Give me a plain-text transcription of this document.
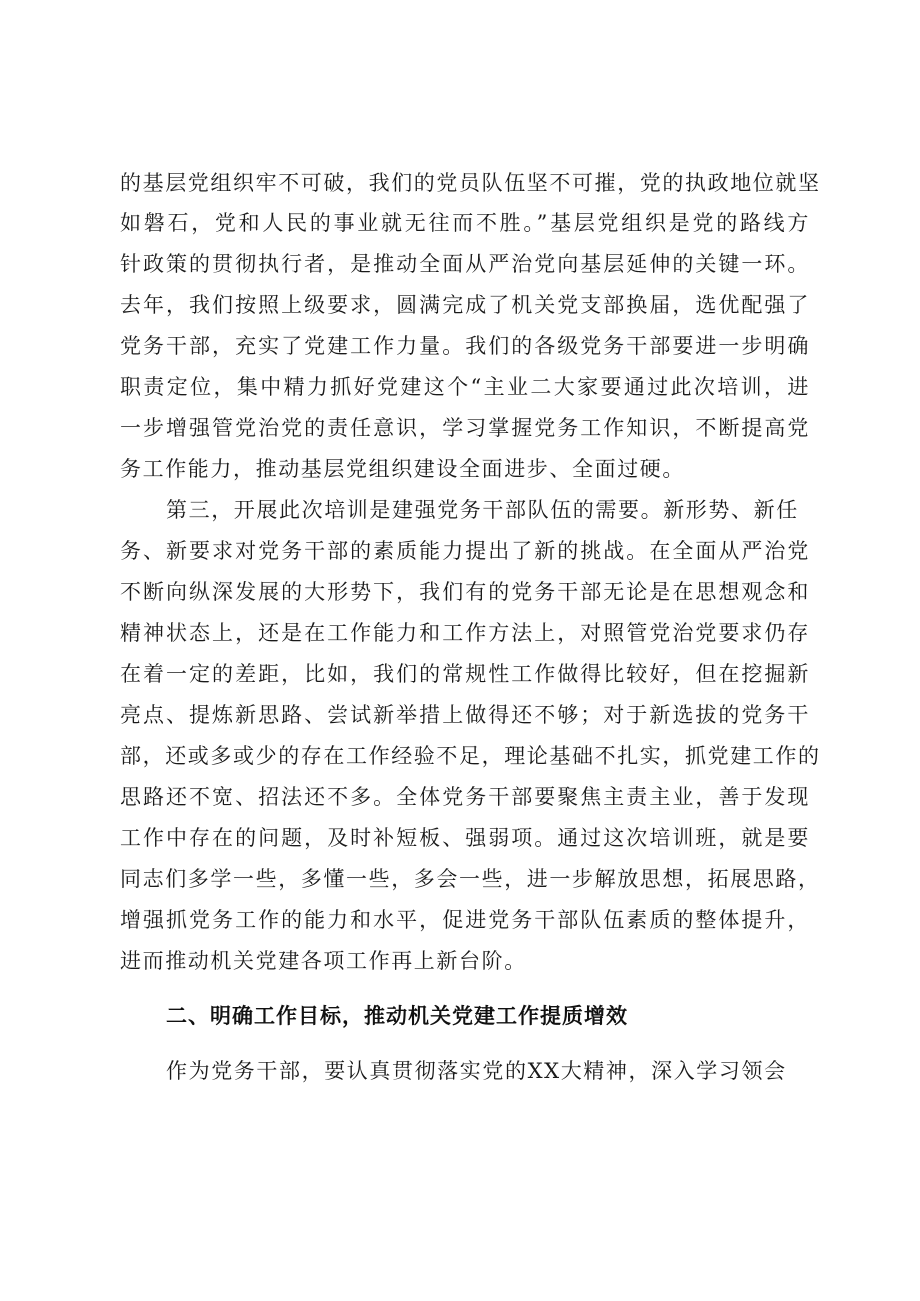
的基层党组织牢不可破，我们的党员队伍坚不可摧，党的执政地位就坚
如磐石，党和人民的事业就无往而不胜。”基层党组织是党的路线方
针政策的贯彻执行者，是推动全面从严治党向基层延伸的关键一环。
去年，我们按照上级要求，圆满完成了机关党支部换届，选优配强了
党务干部，充实了党建工作力量。我们的各级党务干部要进一步明确
职责定位，集中精力抓好党建这个“主业二大家要通过此次培训，进
一步增强管党治党的责任意识，学习掌握党务工作知识，不断提高党
务工作能力，推动基层党组织建设全面进步、全面过硬。
第三，开展此次培训是建强党务干部队伍的需要。新形势、新任
务、新要求对党务干部的素质能力提出了新的挑战。在全面从严治党
不断向纵深发展的大形势下，我们有的党务干部无论是在思想观念和
精神状态上，还是在工作能力和工作方法上，对照管党治党要求仍存
在着一定的差距，比如，我们的常规性工作做得比较好，但在挖掘新
亮点、提炼新思路、尝试新举措上做得还不够；对于新选拔的党务干
部，还或多或少的存在工作经验不足，理论基础不扎实，抓党建工作的
思路还不宽、招法还不多。全体党务干部要聚焦主责主业，善于发现
工作中存在的问题，及时补短板、强弱项。通过这次培训班，就是要
同志们多学一些，多懂一些，多会一些，进一步解放思想，拓展思路，
增强抓党务工作的能力和水平，促进党务干部队伍素质的整体提升，
进而推动机关党建各项工作再上新台阶。
二、明确工作目标，推动机关党建工作提质增效
作为党务干部，要认真贯彻落实党的XX大精神，深入学习领会
